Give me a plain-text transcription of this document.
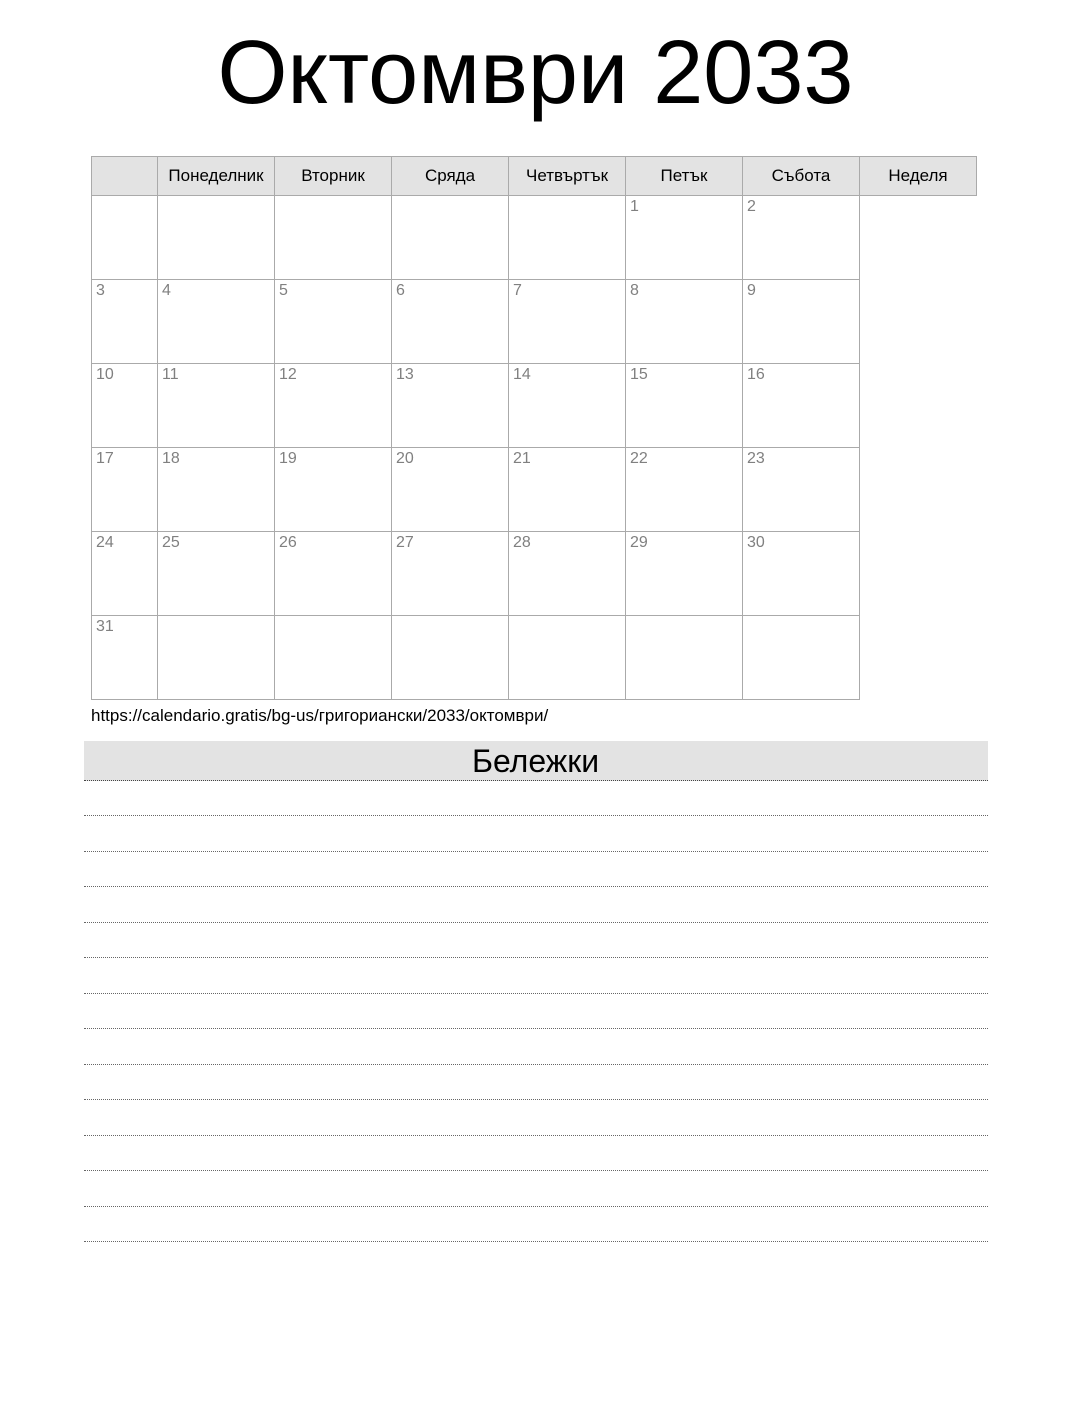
Октомври 2033
	Понеделник	Вторник	Сряда	Четвъртък	Петък	Събота	Неделя
					1	2	
3	4	5	6	7	8	9	
10	11	12	13	14	15	16	
17	18	19	20	21	22	23	
24	25	26	27	28	29	30	
31							
https://calendario.gratis/bg-us/григориански/2033/октомври/
Бележки
